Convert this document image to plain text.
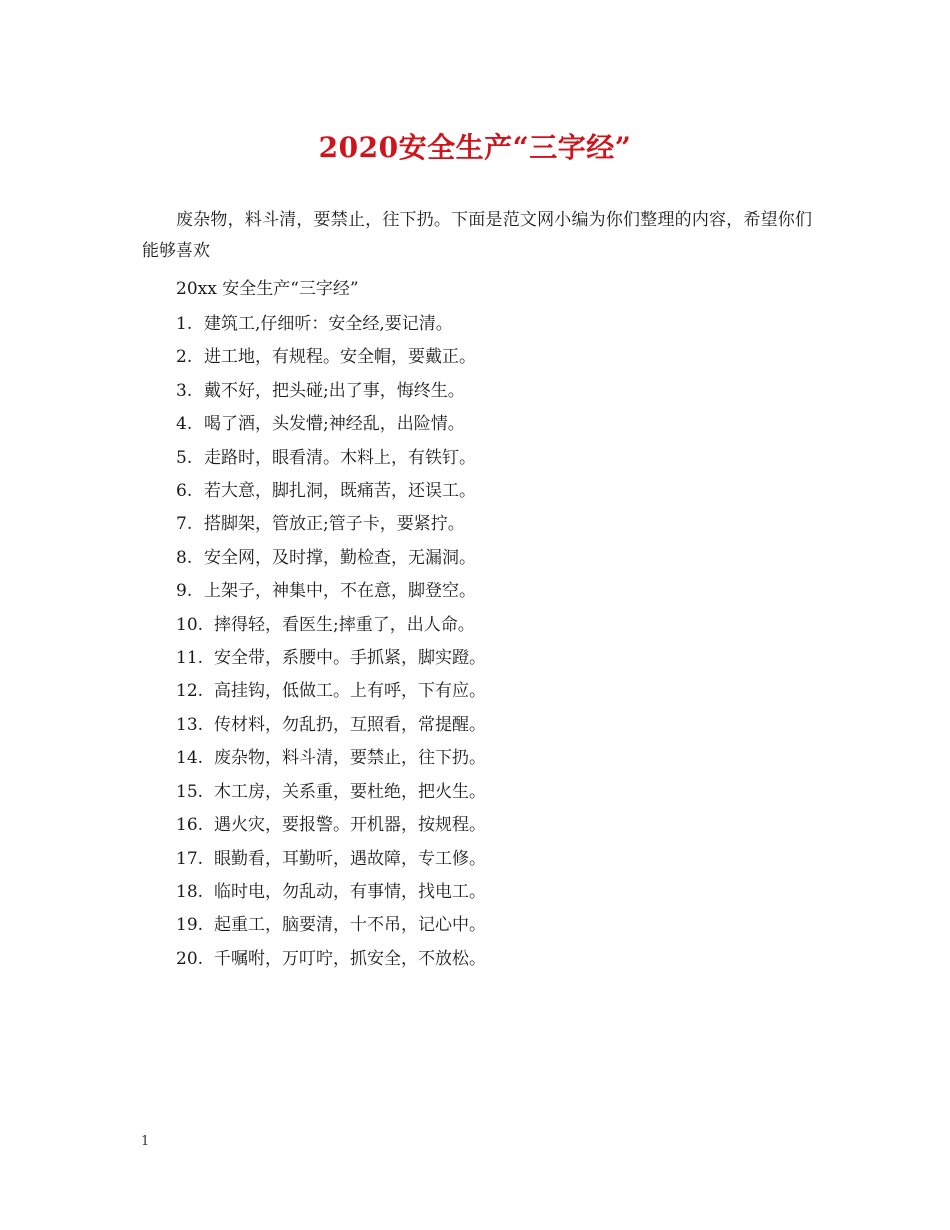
2020安全生产“三字经”

废杂物，料斗清，要禁止，往下扔。下面是范文网小编为你们整理的内容，希望你们能够喜欢

20xx 安全生产“三字经”
1. 建筑工,仔细听：安全经,要记清。
2. 进工地，有规程。安全帽，要戴正。
3. 戴不好，把头碰;出了事，悔终生。
4. 喝了酒，头发懵;神经乱，出险情。
5. 走路时，眼看清。木料上，有铁钉。
6. 若大意，脚扎洞，既痛苦，还误工。
7. 搭脚架，管放正;管子卡，要紧拧。
8. 安全网，及时撑，勤检查，无漏洞。
9. 上架子，神集中，不在意，脚登空。
10. 摔得轻，看医生;摔重了，出人命。
11. 安全带，系腰中。手抓紧，脚实蹬。
12. 高挂钩，低做工。上有呼，下有应。
13. 传材料，勿乱扔，互照看，常提醒。
14. 废杂物，料斗清，要禁止，往下扔。
15. 木工房，关系重，要杜绝，把火生。
16. 遇火灾，要报警。开机器，按规程。
17. 眼勤看，耳勤听，遇故障，专工修。
18. 临时电，勿乱动，有事情，找电工。
19. 起重工，脑要清，十不吊，记心中。
20. 千嘱咐，万叮咛，抓安全，不放松。
1
